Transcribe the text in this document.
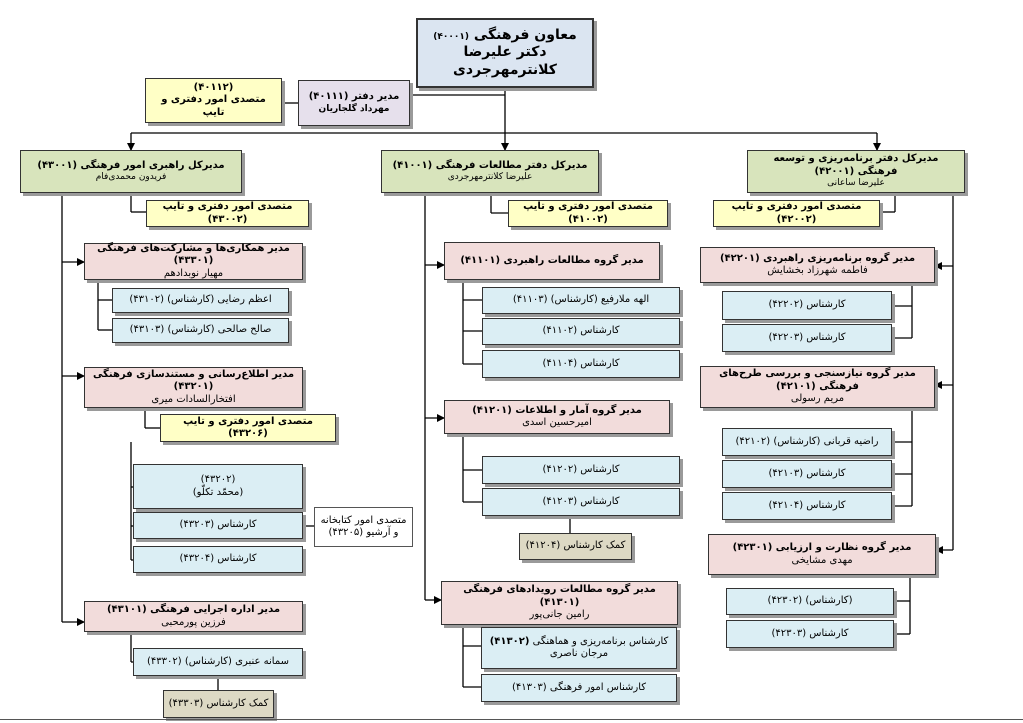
معاون فرهنگی (۴۰۰۰۱)
دکتر علیرضا کلانترمهرجردی
مدیر دفتر (۴۰۱۱۱)
مهرداد گلجاریان
(۴۰۱۱۲)
متصدی امور دفتری و تایپ
مدیرکل راهبری امور فرهنگی (۴۳۰۰۱)
فریدون محمدی‌فام
متصدی امور دفتری و تایپ (۴۳۰۰۲)
مدیر همکاری‌ها و مشارکت‌های فرهنگی (۴۳۳۰۱)
مهیار نوبدادهم
اعظم رضایی (کارشناس) (۴۳۱۰۲)
صالح صالحی (کارشناس) (۴۳۱۰۳)
مدیر اطلاع‌رسانی و مستندسازی فرهنگی (۴۳۲۰۱)
افتخارالسادات میری
متصدی امور دفتری و تایپ (۴۳۲۰۶)
(۴۳۲۰۲)
(محمّد تکلّو)
کارشناس (۴۳۲۰۳)
کارشناس (۴۳۲۰۴)
متصدی امور کتابخانه
و آرشیو (۴۳۲۰۵)
مدیر اداره اجرایی فرهنگی (۴۳۱۰۱)
فرزین پورمحبی
سمانه عنبری (کارشناس) (۴۳۳۰۲)
کمک کارشناس (۴۳۳۰۳)
مدیرکل دفتر مطالعات فرهنگی (۴۱۰۰۱)
علیرضا کلانترمهرجردی
متصدی امور دفتری و تایپ (۴۱۰۰۲)
مدیر گروه مطالعات راهبردی (۴۱۱۰۱)
الهه ملارفیع (کارشناس) (۴۱۱۰۳)
کارشناس (۴۱۱۰۲)
کارشناس (۴۱۱۰۴)
مدیر گروه آمار و اطلاعات (۴۱۲۰۱)
امیرحسین اسدی
کارشناس (۴۱۲۰۲)
کارشناس (۴۱۲۰۳)
کمک کارشناس (۴۱۲۰۴)
مدیر گروه مطالعات رویدادهای فرهنگی (۴۱۳۰۱)
رامین جانی‌پور
کارشناس برنامه‌ریزی و هماهنگی (۴۱۳۰۲)
مرجان ناصری
کارشناس امور فرهنگی (۴۱۳۰۳)
مدیرکل دفتر برنامه‌ریزی و توسعه فرهنگی (۴۲۰۰۱)
علیرضا ساعانی
متصدی امور دفتری و تایپ (۴۲۰۰۲)
مدیر گروه برنامه‌ریزی راهبردی (۴۲۲۰۱)
فاطمه شهرزاد بخشایش
کارشناس (۴۲۲۰۲)
کارشناس (۴۲۲۰۳)
مدیر گروه نیازسنجی و بررسی طرح‌های فرهنگی (۴۲۱۰۱)
مریم رسولی
راضیه قربانی (کارشناس) (۴۲۱۰۲)
کارشناس (۴۲۱۰۳)
کارشناس (۴۲۱۰۴)
مدیر گروه نظارت و ارزیابی (۴۲۳۰۱)
مهدی مشایخی
(کارشناس) (۴۲۳۰۲)
کارشناس (۴۲۳۰۳)
